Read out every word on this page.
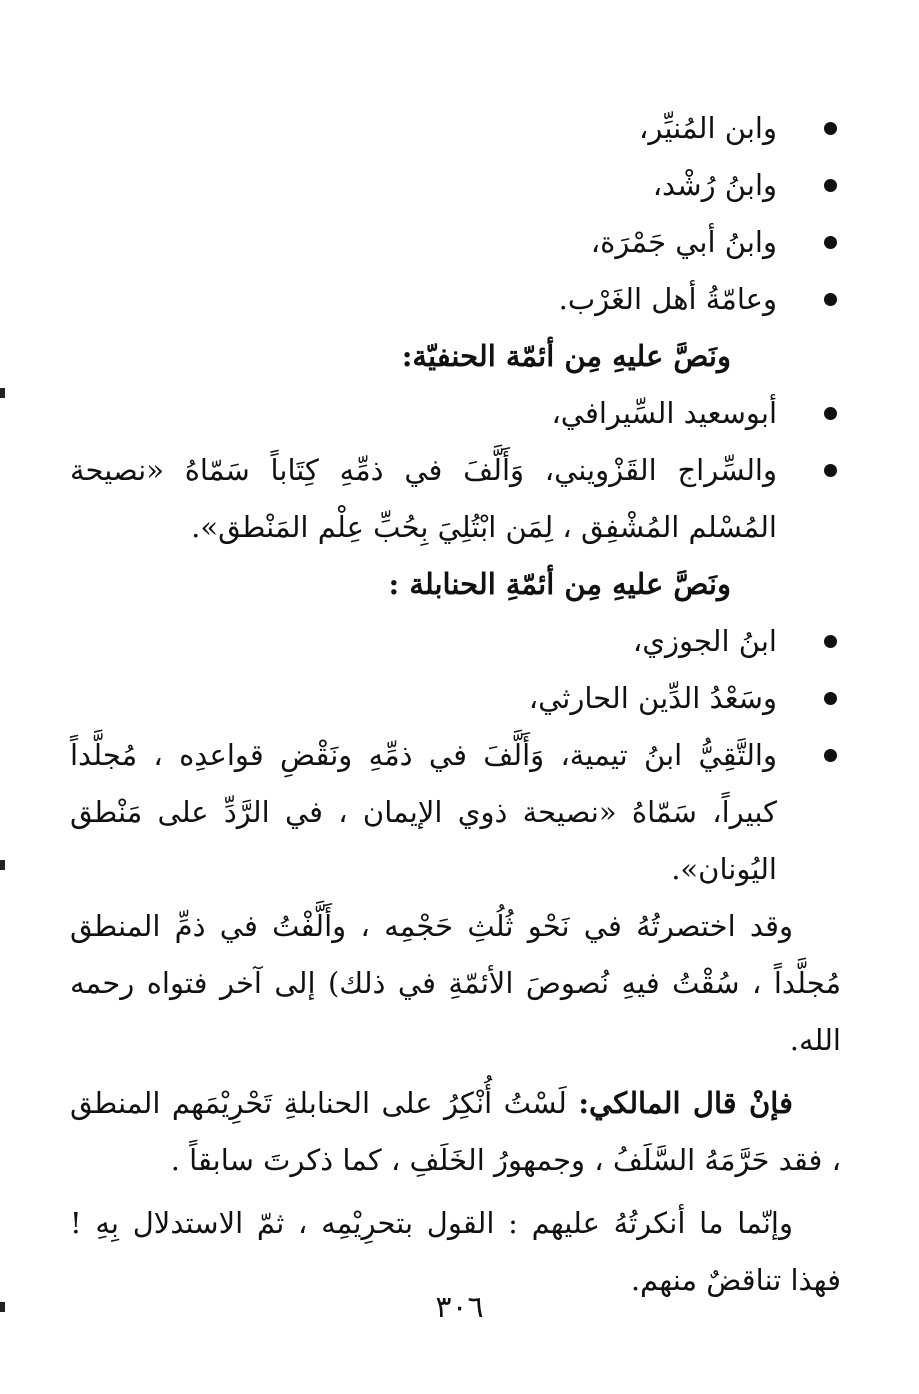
وابن المُنيِّر،

وابنُ رُشْد،

وابنُ أبي جَمْرَة،

وعامّةُ أهل الغَرْب.

ونَصَّ عليهِ مِن أئمّة الحنفيّة:

أبوسعيد السِّيرافي،

والسِّراج القَزْويني، وَأَلَّفَ في ذمِّهِ كِتَاباً سَمّاهُ «نصيحة المُسْلم المُشْفِق ، لِمَن ابْتُلِيَ بِحُبِّ عِلْم المَنْطق».

ونَصَّ عليهِ مِن أئمّةِ الحنابلة :

ابنُ الجوزي،

وسَعْدُ الدِّين الحارثي،

والتَّقِيُّ ابنُ تيمية، وَأَلَّفَ في ذمِّهِ ونَقْضِ قواعدِه ، مُجلَّداً كبيراً، سَمّاهُ «نصيحة ذوي الإيمان ، في الرَّدِّ على مَنْطق اليُونان».

وقد اختصرتُهُ في نَحْو ثُلُثِ حَجْمِه ، وأَلَّفْتُ في ذمِّ المنطق مُجلَّداً ، سُقْتُ فيهِ نُصوصَ الأئمّةِ في ذلك) إلى آخر فتواه رحمه الله.

فإنْ قال المالكي: لَسْتُ أُنْكِرُ على الحنابلةِ تَحْرِيْمَهم المنطق ، فقد حَرَّمَهُ السَّلَفُ ، وجمهورُ الخَلَفِ ، كما ذكرتَ سابقاً .

وإنّما ما أنكرتُهُ عليهم : القول بتحرِيْمِه ، ثمّ الاستدلال بِهِ ! فهذا تناقضٌ منهم.

٣٠٦
